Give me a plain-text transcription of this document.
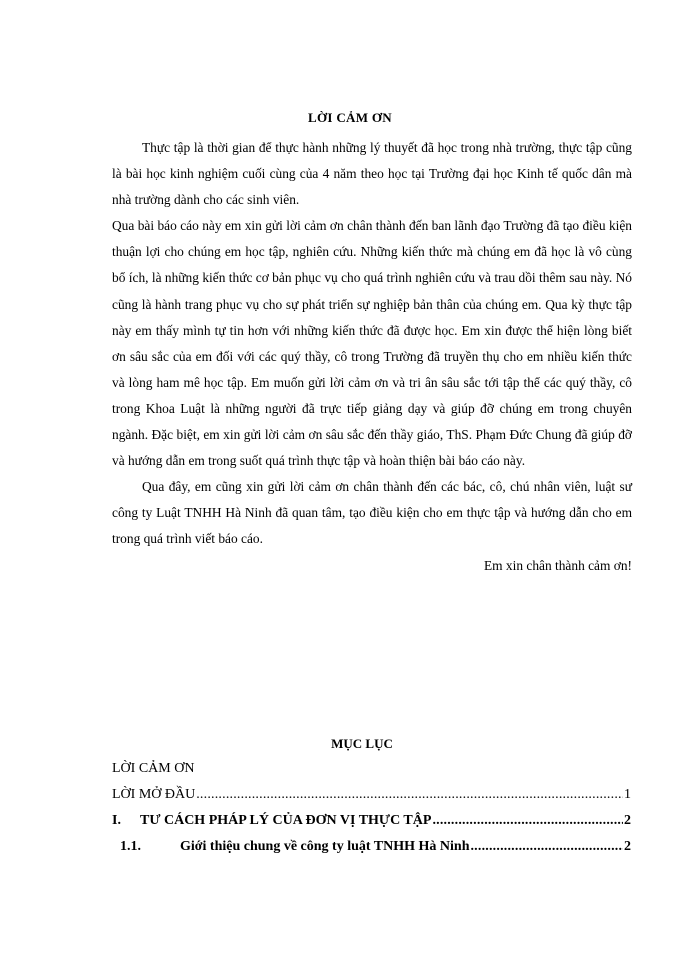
LỜI CẢM ƠN

Thực tập là thời gian để thực hành những lý thuyết đã học trong nhà trường, thực tập cũng là bài học kinh nghiệm cuối cùng của 4 năm theo học tại Trường đại học Kinh tế quốc dân mà nhà trường dành cho các sinh viên.

Qua bài báo cáo này em xin gửi lời cảm ơn chân thành đến ban lãnh đạo Trường đã tạo điều kiện thuận lợi cho chúng em học tập, nghiên cứu. Những kiến thức mà chúng em đã học là vô cùng bổ ích, là những kiến thức cơ bản phục vụ cho quá trình nghiên cứu và trau dồi thêm sau này. Nó cũng là hành trang phục vụ cho sự phát triển sự nghiệp bản thân của chúng em. Qua kỳ thực tập này em thấy mình tự tin hơn với những kiến thức đã được học. Em xin được thể hiện lòng biết ơn sâu sắc của em đối với các quý thầy, cô trong Trường đã truyền thụ cho em nhiều kiến thức và lòng ham mê học tập. Em muốn gửi lời cảm ơn và tri ân sâu sắc tới tập thể các quý thầy, cô trong Khoa Luật là những người đã trực tiếp giảng dạy và giúp đỡ chúng em trong chuyên ngành. Đặc biệt, em xin gửi lời cảm ơn sâu sắc đến thầy giáo, ThS. Phạm Đức Chung đã giúp đỡ và hướng dẫn em trong suốt quá trình thực tập và hoàn thiện bài báo cáo này.

Qua đây, em cũng xin gửi lời cảm ơn chân thành đến các bác, cô, chú nhân viên, luật sư công ty Luật TNHH Hà Ninh đã quan tâm, tạo điều kiện cho em thực tập và hướng dẫn cho em trong quá trình viết báo cáo.

Em xin chân thành cảm ơn!

MỤC LỤC
LỜI CẢM ƠN
LỜI MỞ ĐẦU .....	1
I.	TƯ CÁCH PHÁP LÝ CỦA ĐƠN VỊ THỰC TẬP .....	2
1.1.	Giới thiệu chung về công ty luật TNHH Hà Ninh .....	2
